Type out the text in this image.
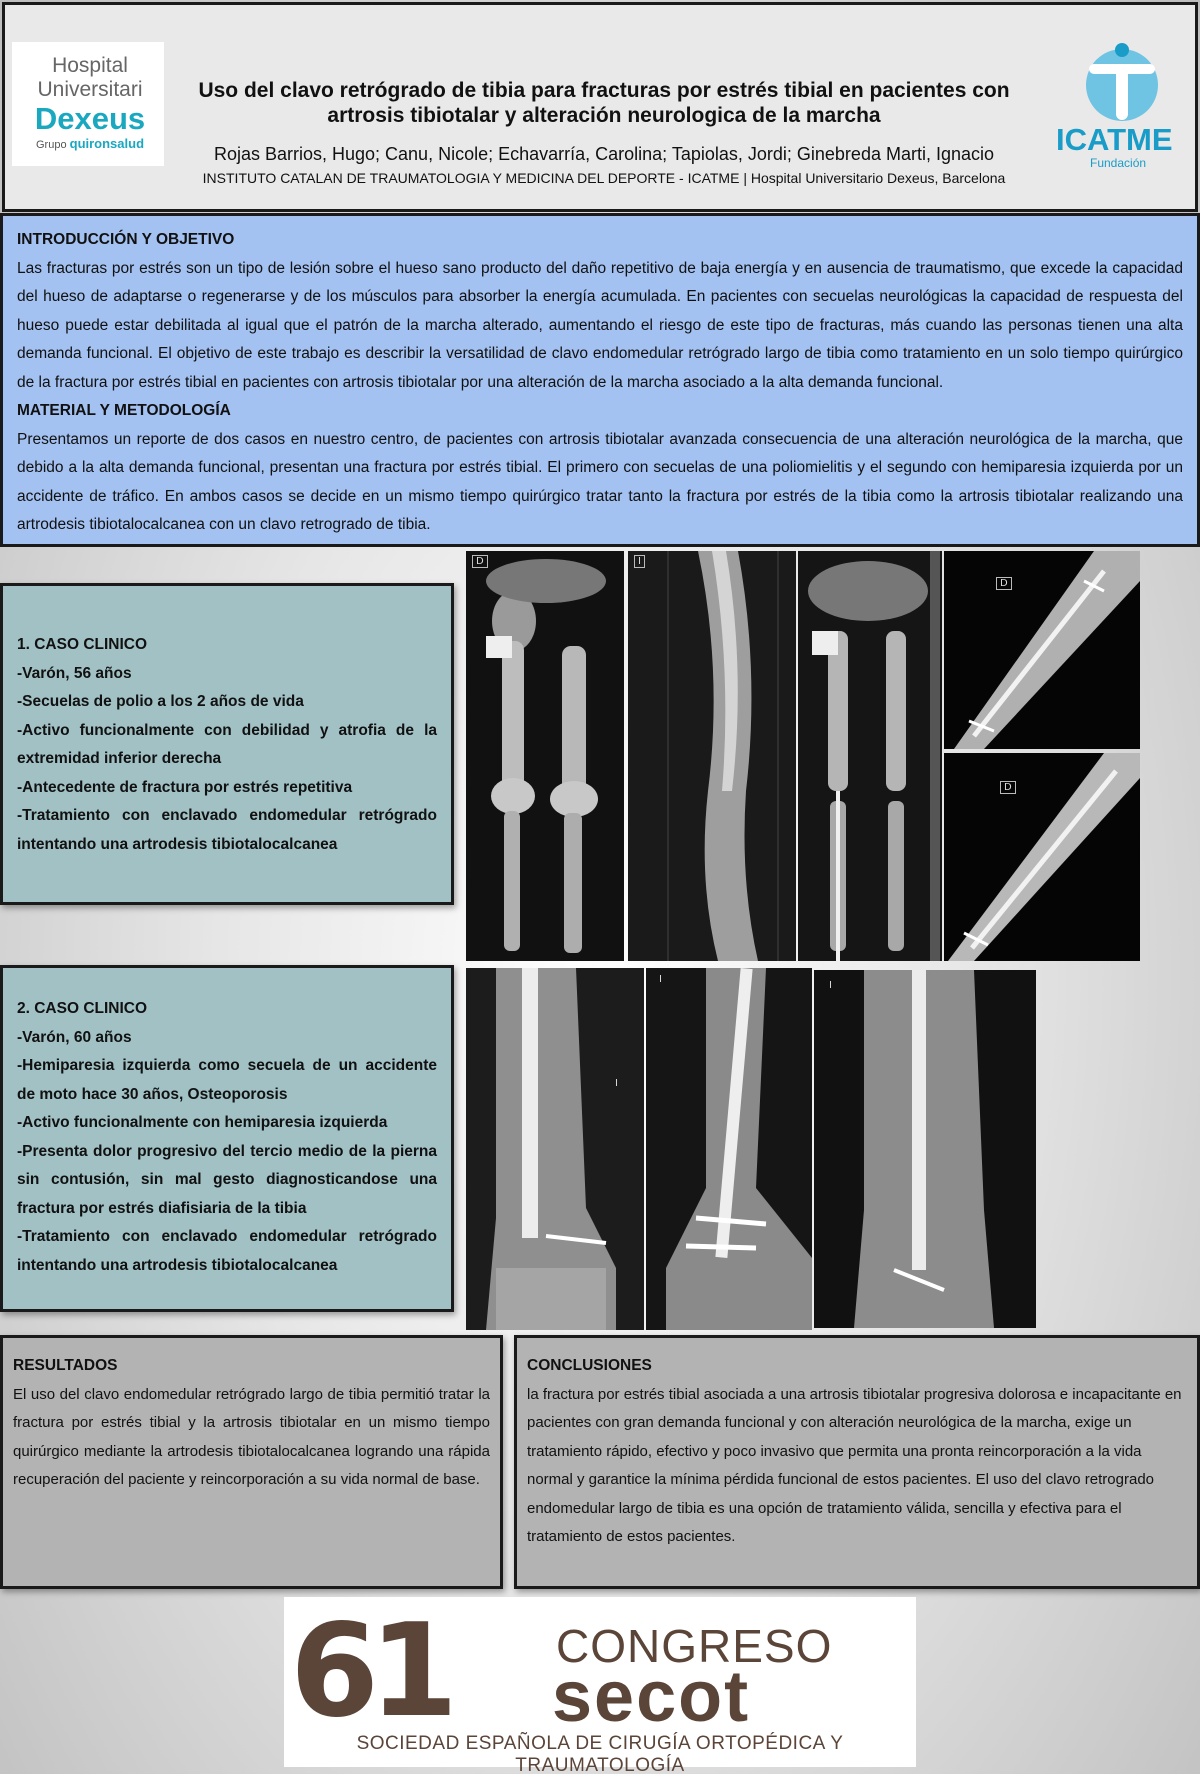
Hospital
Universitari
Dexeus
Grupo quironsalud
Uso del clavo retrógrado de tibia para fracturas por estrés tibial en pacientes con
artrosis tibiotalar y alteración neurologica de la marcha
Rojas Barrios, Hugo; Canu, Nicole; Echavarría, Carolina; Tapiolas, Jordi; Ginebreda Marti, Ignacio
INSTITUTO CATALAN DE TRAUMATOLOGIA Y MEDICINA DEL DEPORTE - ICATME | Hospital Universitario Dexeus, Barcelona
ICATME
Fundación
INTRODUCCIÓN Y OBJETIVO

Las fracturas por estrés son un tipo de lesión sobre el hueso sano producto del daño repetitivo de baja energía y en ausencia de traumatismo, que excede la capacidad del hueso de adaptarse o regenerarse y de los músculos para absorber la energía acumulada. En pacientes con secuelas neurológicas la capacidad de respuesta del hueso puede estar debilitada al igual que el patrón de la marcha alterado, aumentando el riesgo de este tipo de fracturas, más cuando las personas tienen una alta demanda funcional. El objetivo de este trabajo es describir la versatilidad de clavo endomedular retrógrado largo de tibia como tratamiento en un solo tiempo quirúrgico de la fractura por estrés tibial en pacientes con artrosis tibiotalar por una alteración de la marcha asociado a la alta demanda funcional.

MATERIAL Y METODOLOGÍA

Presentamos un reporte de dos casos en nuestro centro, de pacientes con artrosis tibiotalar avanzada consecuencia de una alteración neurológica de la marcha, que debido a la alta demanda funcional, presentan una fractura por estrés tibial. El primero con secuelas de una poliomielitis y el segundo con hemiparesia izquierda por un accidente de tráfico. En ambos casos se decide en un mismo tiempo quirúrgico tratar tanto la fractura por estrés de la tibia como la artrosis tibiotalar realizando una artrodesis tibiotalocalcanea con un clavo retrogrado de tibia.

1. CASO CLINICO
-Varón, 56 años
-Secuelas de polio a los 2 años de vida
-Activo funcionalmente con debilidad y atrofia de la extremidad inferior derecha
-Antecedente de fractura por estrés repetitiva
-Tratamiento con enclavado endomedular retrógrado intentando una artrodesis tibiotalocalcanea
D	I
D
D
2. CASO CLINICO
-Varón, 60 años
-Hemiparesia izquierda como secuela de un accidente de moto hace 30 años, Osteoporosis
-Activo funcionalmente con hemiparesia izquierda
-Presenta dolor progresivo del tercio medio de la pierna sin contusión, sin mal gesto diagnosticandose una fractura por estrés diafisiaria de la tibia
-Tratamiento con enclavado endomedular retrógrado intentando una artrodesis tibiotalocalcanea
I
I
I
RESULTADOS

El uso del clavo endomedular retrógrado largo de tibia permitió tratar la fractura por estrés tibial y la artrosis tibiotalar en un mismo tiempo quirúrgico mediante la artrodesis tibiotalocalcanea logrando una rápida recuperación del paciente y reincorporación a su vida normal de base.

CONCLUSIONES

la fractura por estrés tibial asociada a una artrosis tibiotalar progresiva dolorosa e incapacitante en pacientes con gran demanda funcional y con alteración neurológica de la marcha, exige un tratamiento rápido, efectivo y poco invasivo que permita una pronta reincorporación a la vida normal y garantice la mínima pérdida funcional de estos pacientes. El uso del clavo retrogrado endomedular largo de tibia es una opción de tratamiento válida, sencilla y efectiva para el tratamiento de estos pacientes.

61 CONGRESO
secot
SOCIEDAD ESPAÑOLA DE CIRUGÍA ORTOPÉDICA Y TRAUMATOLOGÍA
